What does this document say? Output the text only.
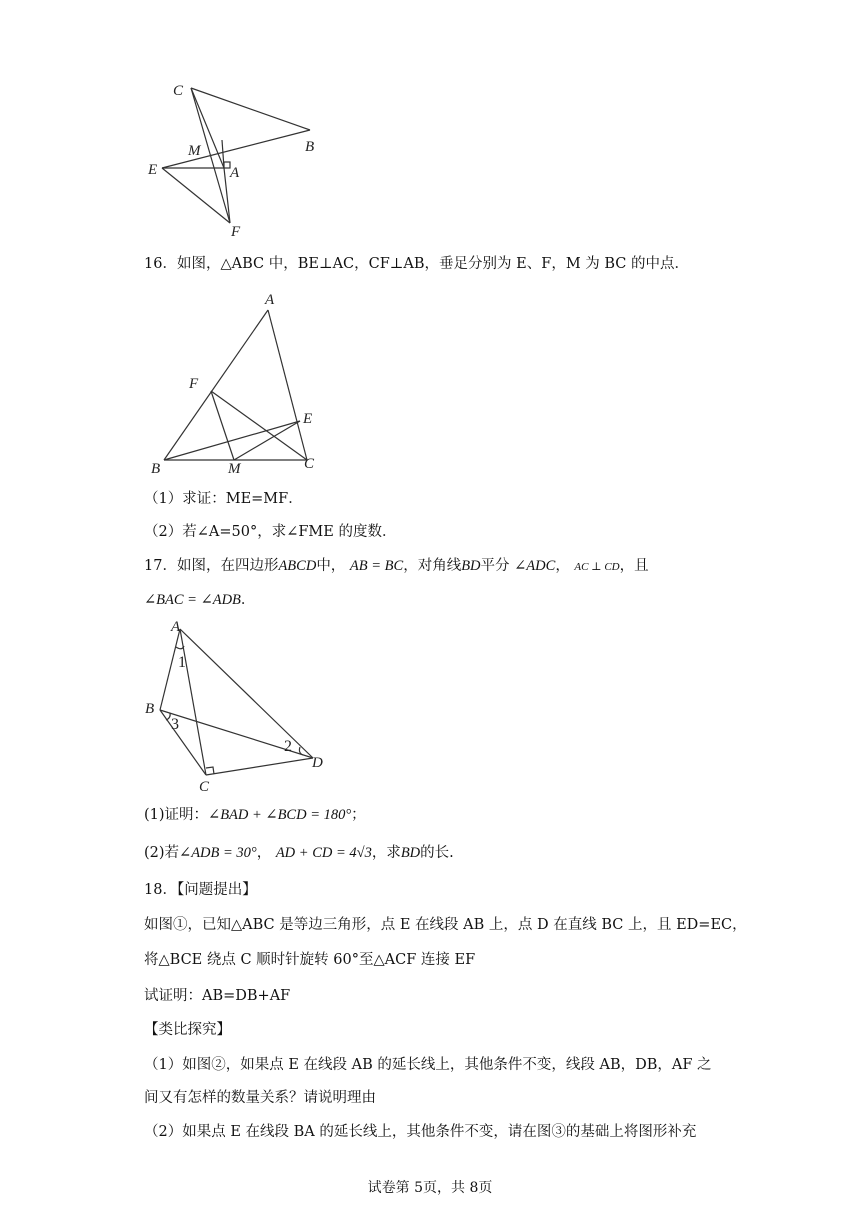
C
B
M
E	A
F
16．如图，△ABC 中，BE⊥AC，CF⊥AB，垂足分别为 E、F，M 为 BC 的中点．
A
F
E
B	M	C
（1）求证：ME=MF．
（2）若∠A=50°，求∠FME 的度数．
17．如图，在四边形ABCD中， AB = BC，对角线BD平分 ∠ADC， AC ⊥ CD，且
∠BAC = ∠ADB．
A
1
B
3
2
D
C
(1)证明：∠BAD + ∠BCD = 180°；
(2)若∠ADB = 30°， AD + CD = 4√3，求BD的长.
18．【问题提出】
如图①，已知△ABC 是等边三角形，点 E 在线段 AB 上，点 D 在直线 BC 上，且 ED=EC，
将△BCE 绕点 C 顺时针旋转 60°至△ACF 连接 EF
试证明：AB=DB+AF
【类比探究】
（1）如图②，如果点 E 在线段 AB 的延长线上，其他条件不变，线段 AB，DB，AF 之
间又有怎样的数量关系？请说明理由
（2）如果点 E 在线段 BA 的延长线上，其他条件不变，请在图③的基础上将图形补充
试卷第 5页，共 8页
